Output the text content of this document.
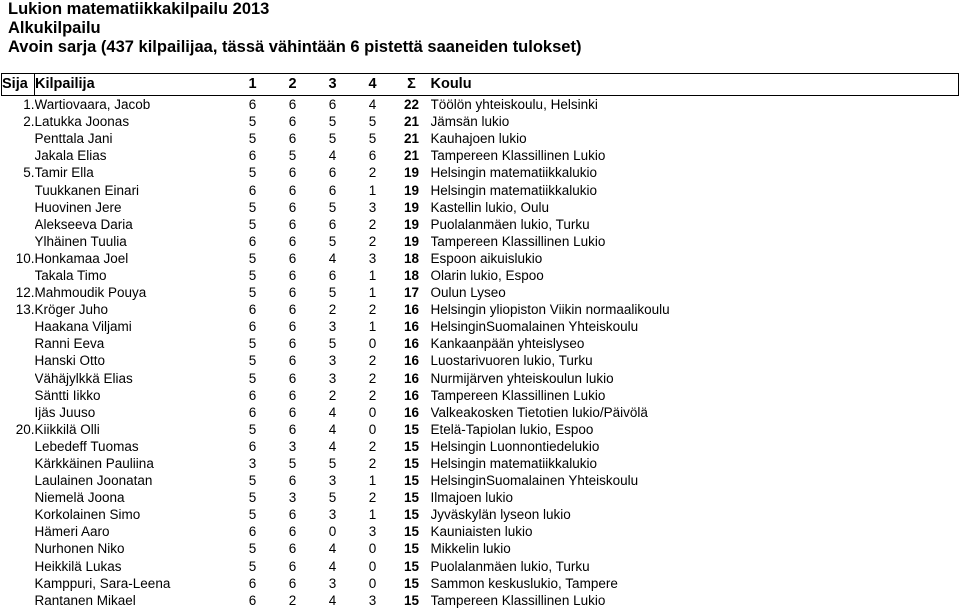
Lukion matematiikkakilpailu 2013
Alkukilpailu
Avoin sarja (437 kilpailijaa, tässä vähintään 6 pistettä saaneiden tulokset)
Sija	Kilpailija	1	2	3	4	Σ	Koulu
1.	Wartiovaara, Jacob	6	6	6	4	22	Töölön yhteiskoulu, Helsinki
2.	Latukka Joonas	5	6	5	5	21	Jämsän lukio
	Penttala Jani	5	6	5	5	21	Kauhajoen lukio
	Jakala Elias	6	5	4	6	21	Tampereen Klassillinen Lukio
5.	Tamir Ella	5	6	6	2	19	Helsingin matematiikkalukio
	Tuukkanen Einari	6	6	6	1	19	Helsingin matematiikkalukio
	Huovinen Jere	5	6	5	3	19	Kastellin lukio, Oulu
	Alekseeva Daria	5	6	6	2	19	Puolalanmäen lukio, Turku
	Ylhäinen Tuulia	6	6	5	2	19	Tampereen Klassillinen Lukio
10.	Honkamaa Joel	5	6	4	3	18	Espoon aikuislukio
	Takala Timo	5	6	6	1	18	Olarin lukio, Espoo
12.	Mahmoudik Pouya	5	6	5	1	17	Oulun Lyseo
13.	Kröger Juho	6	6	2	2	16	Helsingin yliopiston Viikin normaalikoulu
	Haakana Viljami	6	6	3	1	16	HelsinginSuomalainen Yhteiskoulu
	Ranni Eeva	5	6	5	0	16	Kankaanpään yhteislyseo
	Hanski Otto	5	6	3	2	16	Luostarivuoren lukio, Turku
	Vähäjylkkä Elias	5	6	3	2	16	Nurmijärven yhteiskoulun lukio
	Säntti Iikko	6	6	2	2	16	Tampereen Klassillinen Lukio
	Ijäs Juuso	6	6	4	0	16	Valkeakosken Tietotien lukio/Päivölä
20.	Kiikkilä Olli	5	6	4	0	15	Etelä-Tapiolan lukio, Espoo
	Lebedeff Tuomas	6	3	4	2	15	Helsingin Luonnontiedelukio
	Kärkkäinen Pauliina	3	5	5	2	15	Helsingin matematiikkalukio
	Laulainen Joonatan	5	6	3	1	15	HelsinginSuomalainen Yhteiskoulu
	Niemelä Joona	5	3	5	2	15	Ilmajoen lukio
	Korkolainen Simo	5	6	3	1	15	Jyväskylän lyseon lukio
	Hämeri Aaro	6	6	0	3	15	Kauniaisten lukio
	Nurhonen Niko	5	6	4	0	15	Mikkelin lukio
	Heikkilä Lukas	5	6	4	0	15	Puolalanmäen lukio, Turku
	Kamppuri, Sara-Leena	6	6	3	0	15	Sammon keskuslukio, Tampere
	Rantanen Mikael	6	2	4	3	15	Tampereen Klassillinen Lukio
